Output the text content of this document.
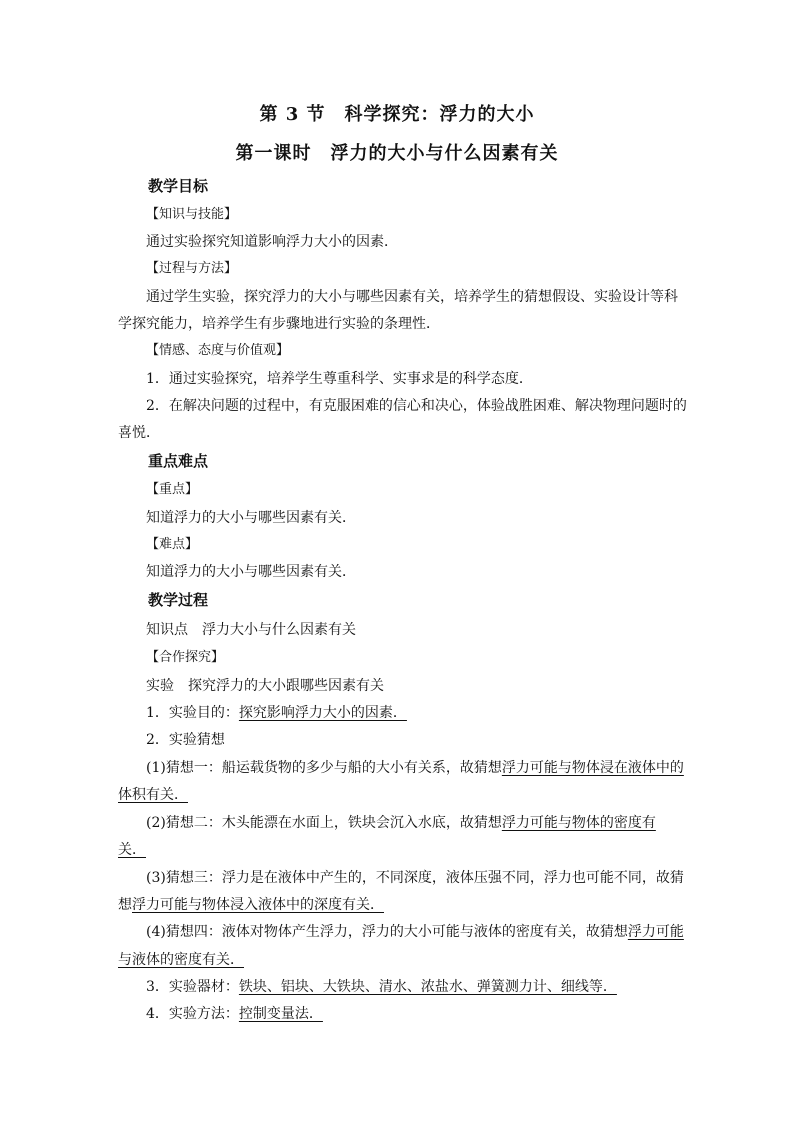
第 3 节　科学探究：浮力的大小
第一课时　浮力的大小与什么因素有关
教学目标
【知识与技能】
通过实验探究知道影响浮力大小的因素．
【过程与方法】
通过学生实验，探究浮力的大小与哪些因素有关，培养学生的猜想假设、实验设计等科
学探究能力，培养学生有步骤地进行实验的条理性．
【情感、态度与价值观】
1．通过实验探究，培养学生尊重科学、实事求是的科学态度．
2．在解决问题的过程中，有克服困难的信心和决心，体验战胜困难、解决物理问题时的
喜悦．
重点难点
【重点】
知道浮力的大小与哪些因素有关．
【难点】
知道浮力的大小与哪些因素有关．
教学过程
知识点　浮力大小与什么因素有关
【合作探究】
实验　探究浮力的大小跟哪些因素有关
1．实验目的：探究影响浮力大小的因素．
2．实验猜想
(1)猜想一：船运载货物的多少与船的大小有关系，故猜想浮力可能与物体浸在液体中的
体积有关．
(2)猜想二：木头能漂在水面上，铁块会沉入水底，故猜想浮力可能与物体的密度有
关．
(3)猜想三：浮力是在液体中产生的，不同深度，液体压强不同，浮力也可能不同，故猜
想浮力可能与物体浸入液体中的深度有关．
(4)猜想四：液体对物体产生浮力，浮力的大小可能与液体的密度有关，故猜想浮力可能
与液体的密度有关．
3．实验器材：铁块、铝块、大铁块、清水、浓盐水、弹簧测力计、细线等．
4．实验方法：控制变量法．
